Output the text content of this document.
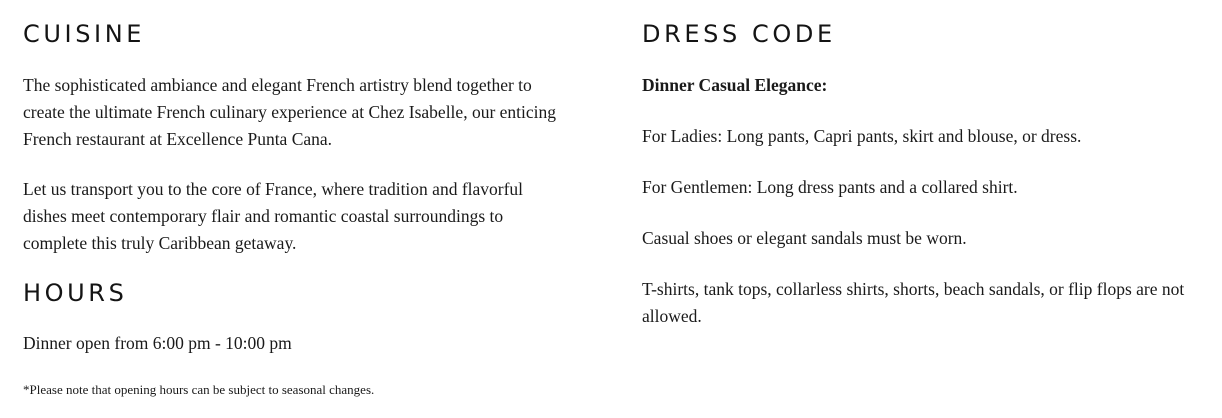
CUISINE

The sophisticated ambiance and elegant French artistry blend together to create the ultimate French culinary experience at Chez Isabelle, our enticing French restaurant at Excellence Punta Cana.

Let us transport you to the core of France, where tradition and flavorful dishes meet contemporary flair and romantic coastal surroundings to complete this truly Caribbean getaway.

HOURS

Dinner open from 6:00 pm - 10:00 pm

*Please note that opening hours can be subject to seasonal changes.

DRESS CODE

Dinner Casual Elegance:

For Ladies: Long pants, Capri pants, skirt and blouse, or dress.

For Gentlemen: Long dress pants and a collared shirt.

Casual shoes or elegant sandals must be worn.

T-shirts, tank tops, collarless shirts, shorts, beach sandals, or flip flops are not allowed.
